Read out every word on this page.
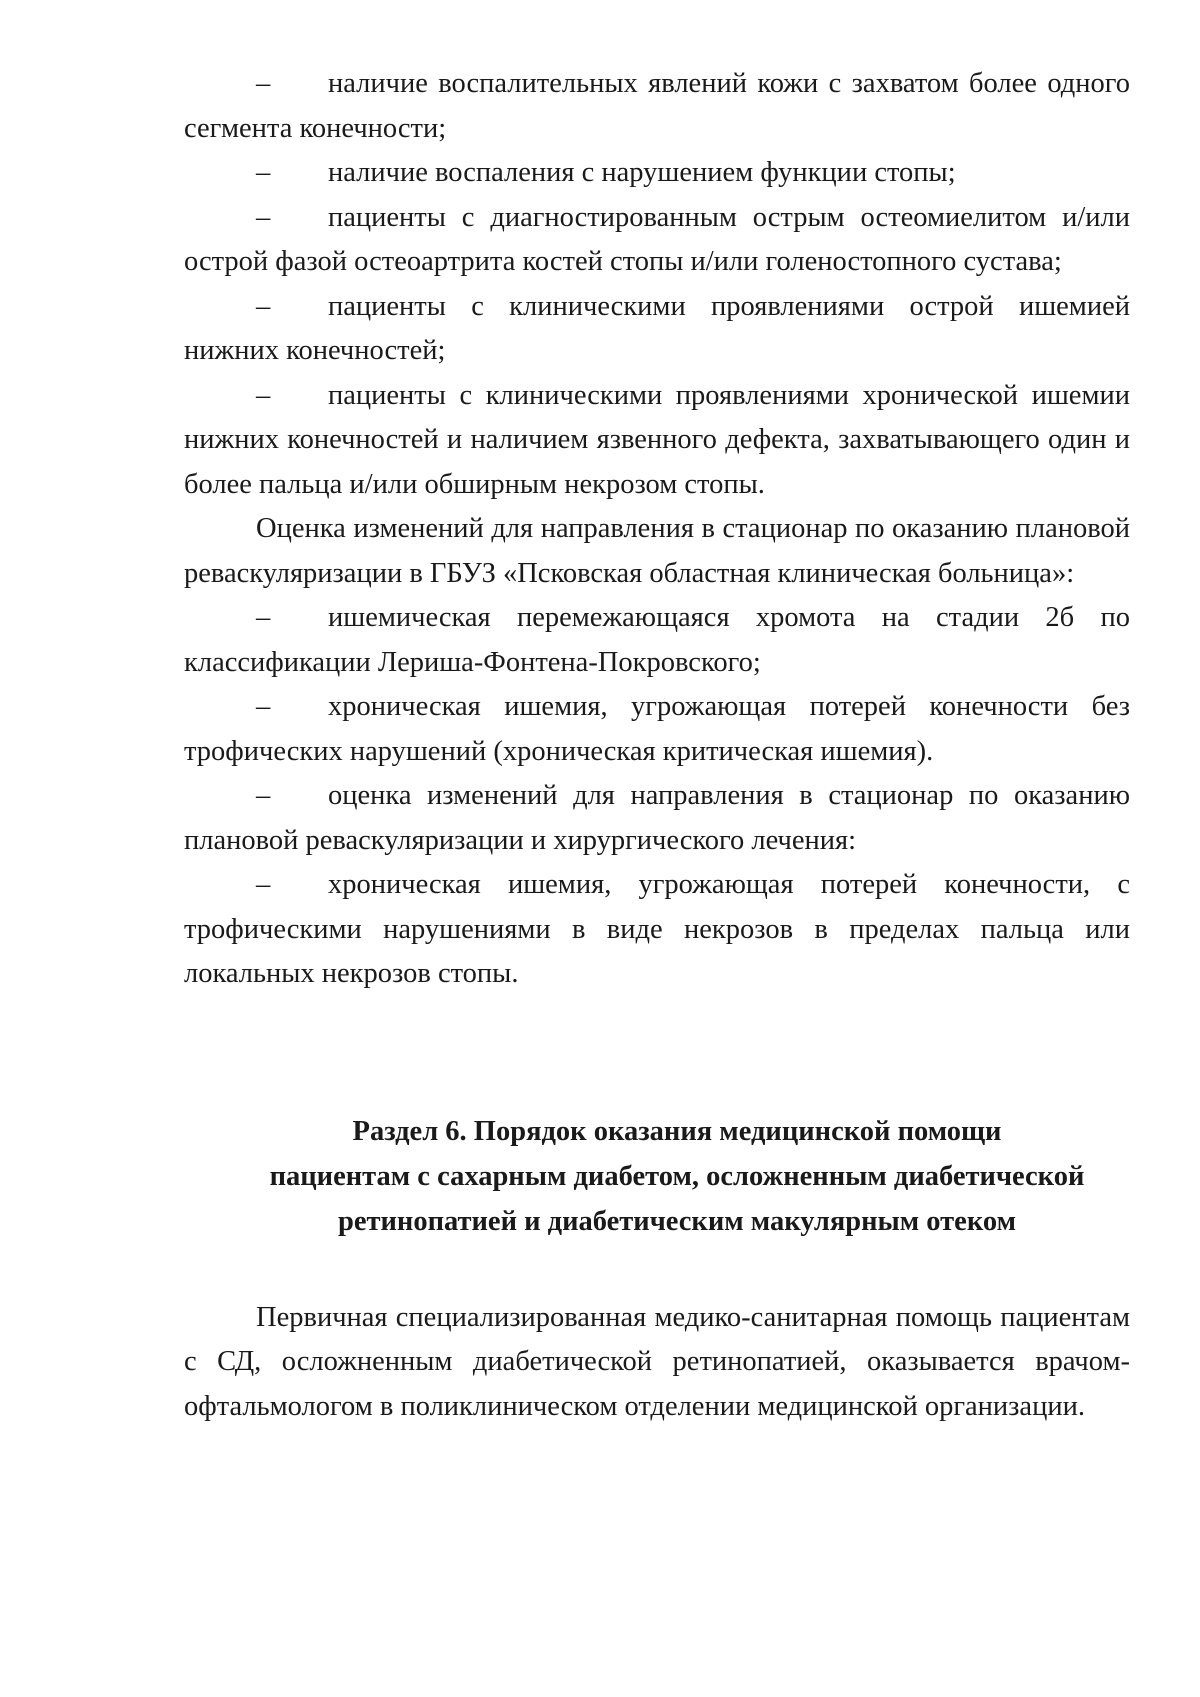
– наличие воспалительных явлений кожи с захватом более одного сегмента конечности;

– наличие воспаления с нарушением функции стопы;

– пациенты с диагностированным острым остеомиелитом и/или острой фазой остеоартрита костей стопы и/или голеностопного сустава;

– пациенты с клиническими проявлениями острой ишемией нижних конечностей;

– пациенты с клиническими проявлениями хронической ишемии нижних конечностей и наличием язвенного дефекта, захватывающего один и более пальца и/или обширным некрозом стопы.

Оценка изменений для направления в стационар по оказанию плановой реваскуляризации в ГБУЗ «Псковская областная клиническая больница»:

– ишемическая перемежающаяся хромота на стадии 2б по классификации Лериша-Фонтена-Покровского;

– хроническая ишемия, угрожающая потерей конечности без трофических нарушений (хроническая критическая ишемия).

– оценка изменений для направления в стационар по оказанию плановой реваскуляризации и хирургического лечения:

– хроническая ишемия, угрожающая потерей конечности, с трофическими нарушениями в виде некрозов в пределах пальца или локальных некрозов стопы.

Раздел 6. Порядок оказания медицинской помощи
пациентам с сахарным диабетом, осложненным диабетической
ретинопатией и диабетическим макулярным отеком

Первичная специализированная медико-санитарная помощь пациентам с СД, осложненным диабетической ретинопатией, оказывается врачом-офтальмологом в поликлиническом отделении медицинской организации.
